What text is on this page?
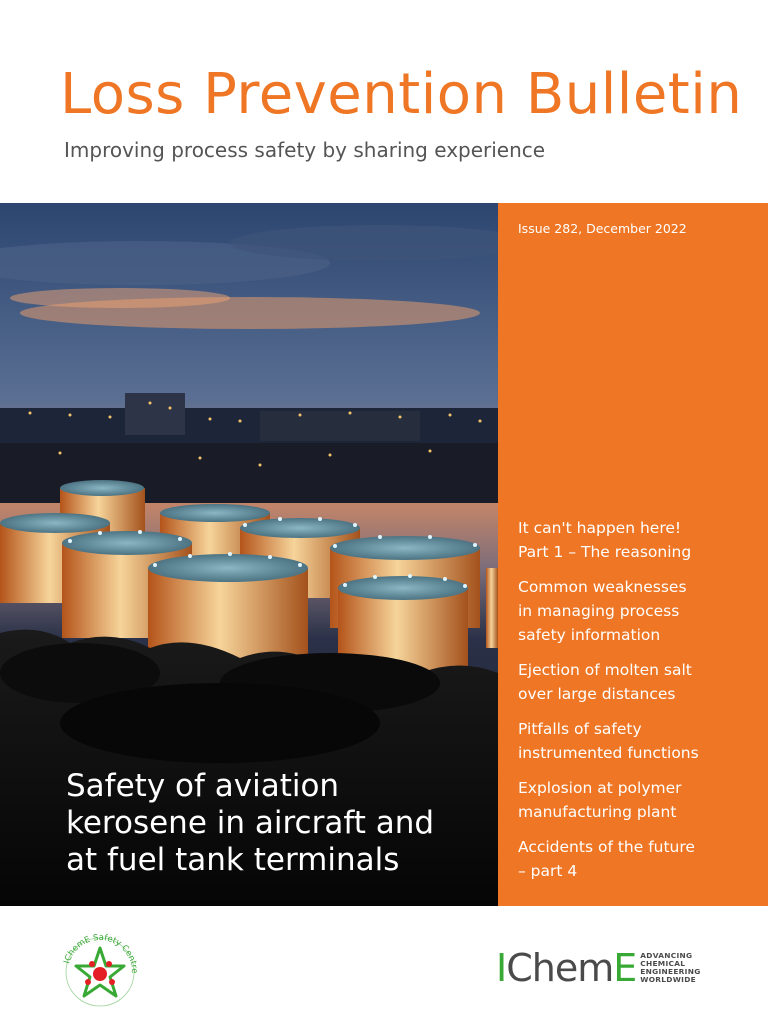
Loss Prevention Bulletin
Improving process safety by sharing experience
Safety of aviation
kerosene in aircraft and
at fuel tank terminals
Issue 282, December 2022
It can't happen here!
Part 1 – The reasoning
Common weaknesses
in managing process
safety information
Ejection of molten salt
over large distances
Pitfalls of safety
instrumented functions
Explosion at polymer
manufacturing plant
Accidents of the future
– part 4
IChemE Safety Centre	IChemE ADVANCING
CHEMICAL
ENGINEERING
WORLDWIDE
